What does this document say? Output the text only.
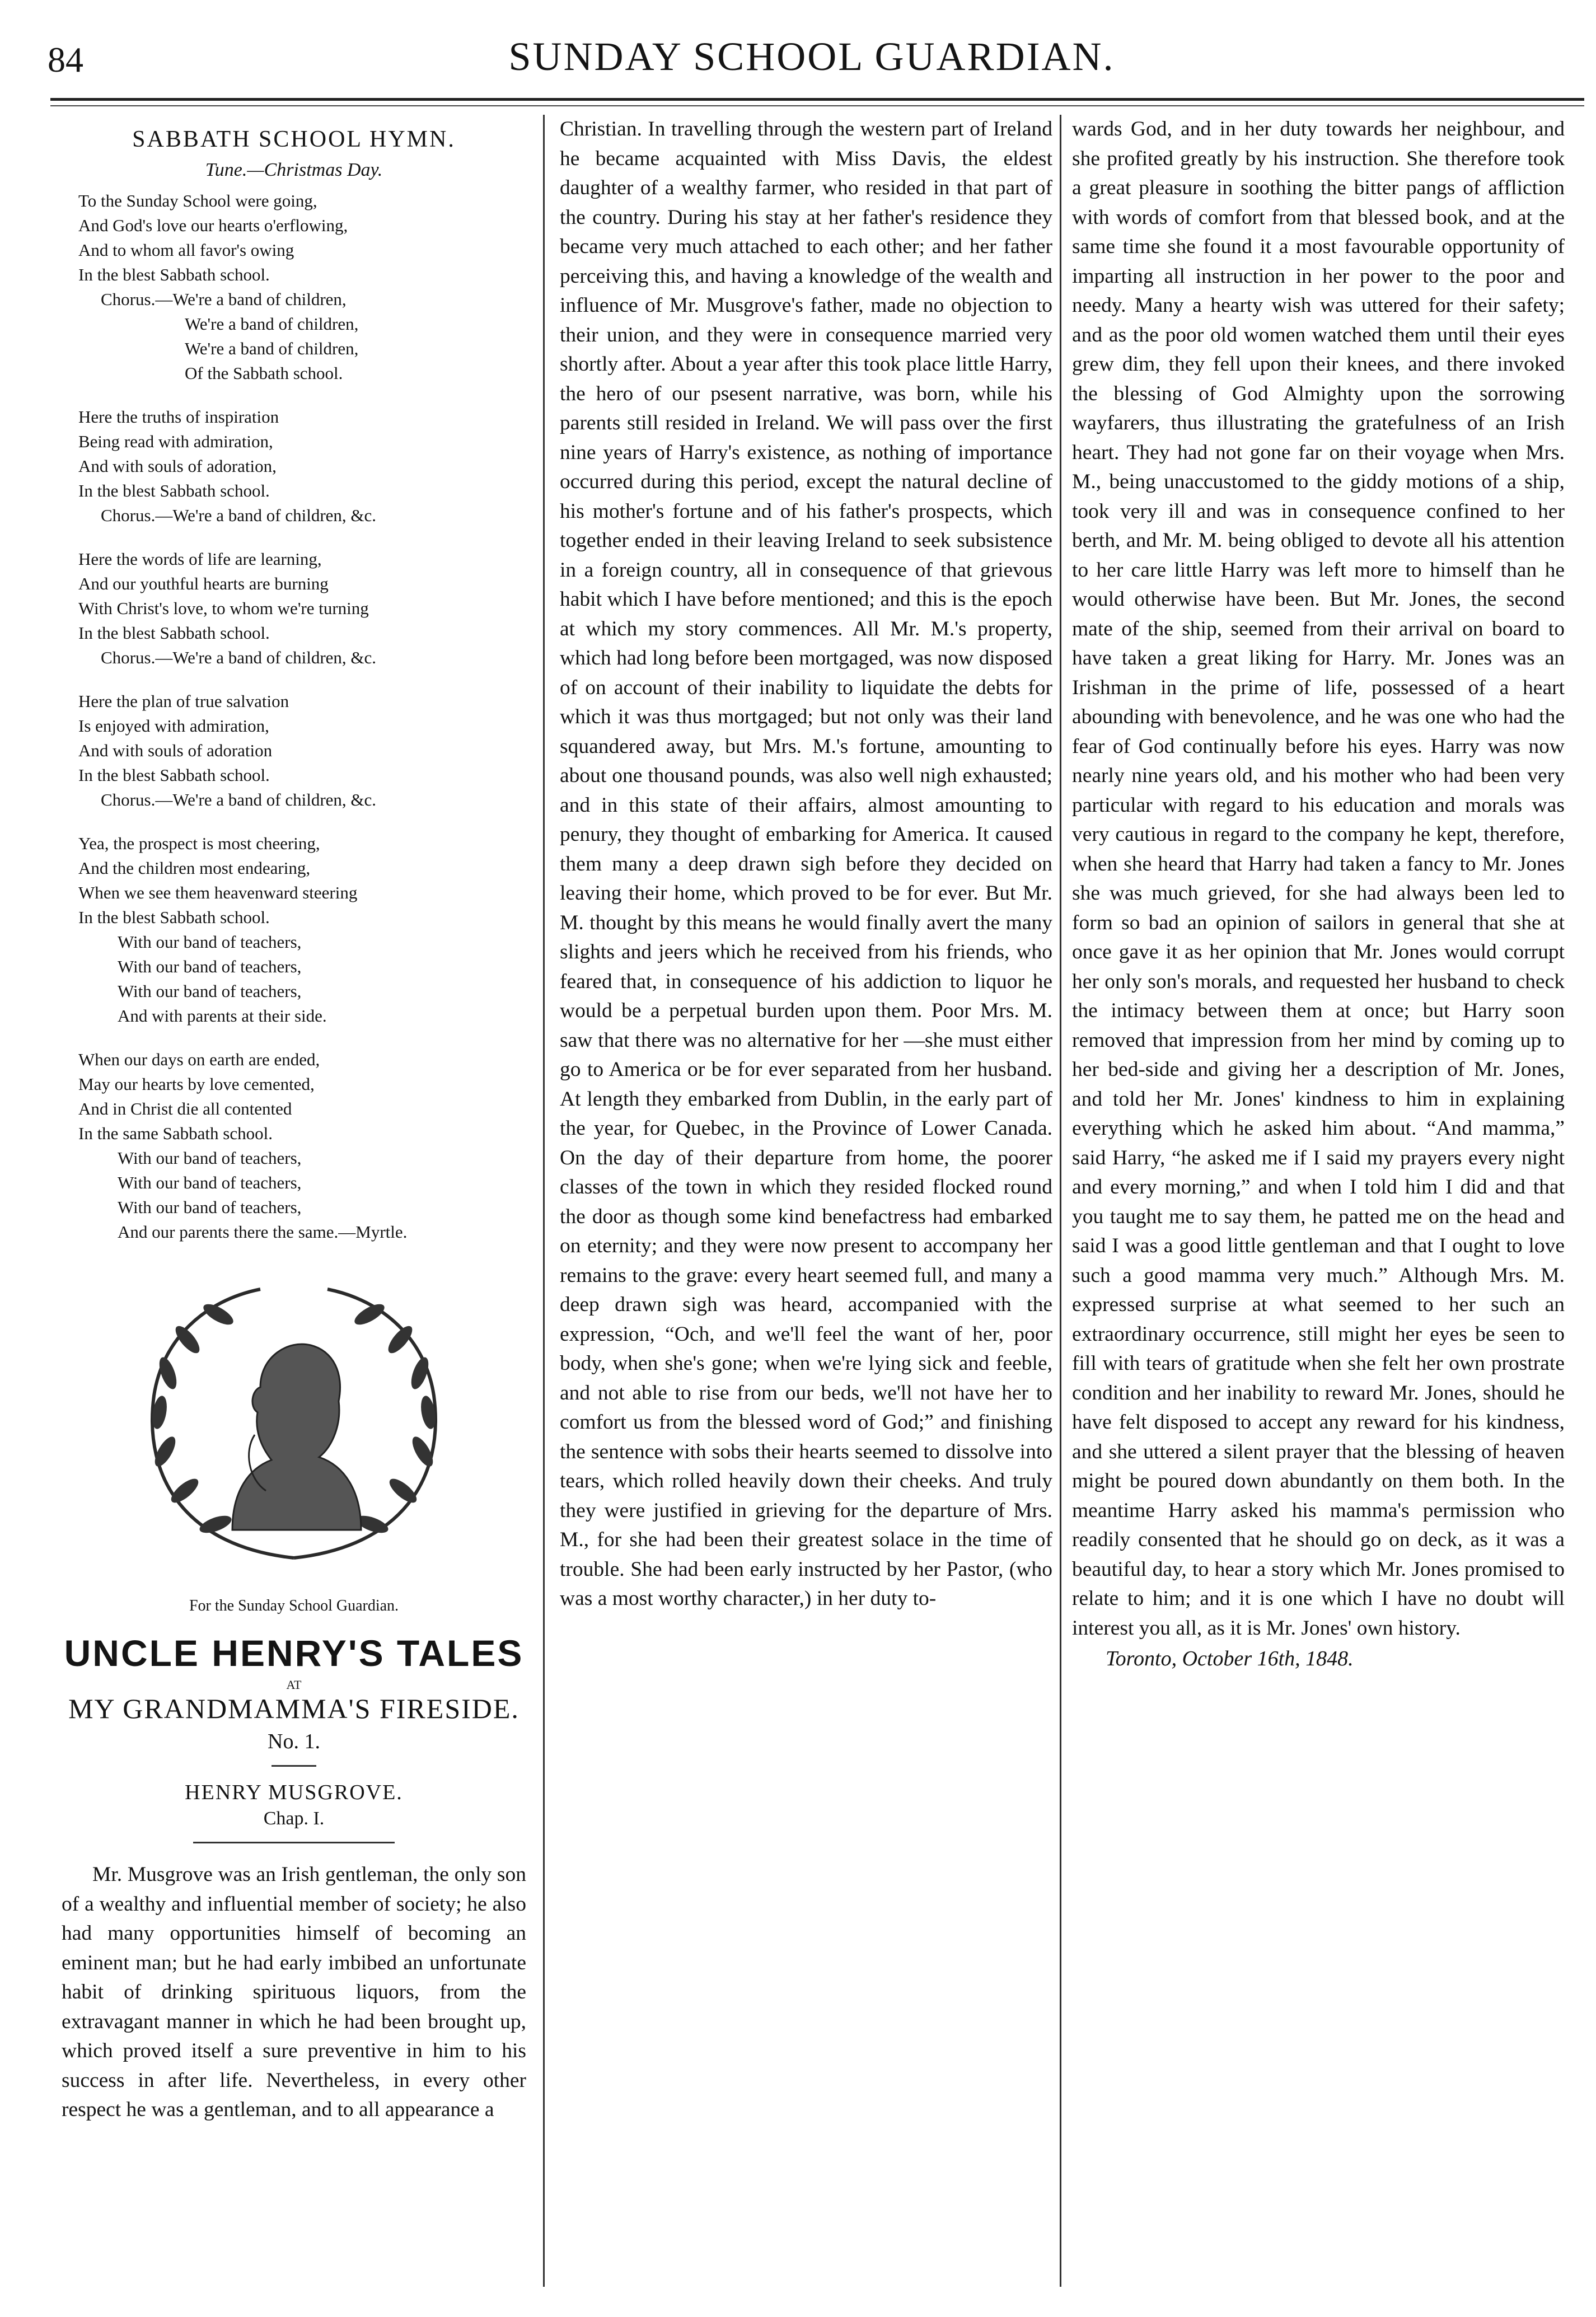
84	SUNDAY SCHOOL GUARDIAN.
SABBATH SCHOOL HYMN.
Tune.—Christmas Day.
To the Sunday School were going,
And God's love our hearts o'erflowing,
And to whom all favor's owing
In the blest Sabbath school.
Chorus.—We're a band of children,
We're a band of children,
We're a band of children,
Of the Sabbath school.
Here the truths of inspiration
Being read with admiration,
And with souls of adoration,
In the blest Sabbath school.
Chorus.—We're a band of children, &c.
Here the words of life are learning,
And our youthful hearts are burning
With Christ's love, to whom we're turning
In the blest Sabbath school.
Chorus.—We're a band of children, &c.
Here the plan of true salvation
Is enjoyed with admiration,
And with souls of adoration
In the blest Sabbath school.
Chorus.—We're a band of children, &c.
Yea, the prospect is most cheering,
And the children most endearing,
When we see them heavenward steering
In the blest Sabbath school.
With our band of teachers,
With our band of teachers,
With our band of teachers,
And with parents at their side.
When our days on earth are ended,
May our hearts by love cemented,
And in Christ die all contented
In the same Sabbath school.
With our band of teachers,
With our band of teachers,
With our band of teachers,
And our parents there the same.—Myrtle.
For the Sunday School Guardian.
UNCLE HENRY'S TALES
AT
MY GRANDMAMMA'S FIRESIDE.
No. 1.
HENRY MUSGROVE.
Chap. I.

Mr. Musgrove was an Irish gentleman, the only son of a wealthy and influential member of society; he also had many opportunities himself of becoming an eminent man; but he had early imbibed an unfortunate habit of drinking spirituous liquors, from the extravagant manner in which he had been brought up, which proved itself a sure preventive in him to his success in after life. Nevertheless, in every other respect he was a gentleman, and to all appearance a

Christian. In travelling through the western part of Ireland he became acquainted with Miss Davis, the eldest daughter of a wealthy farmer, who resided in that part of the country. During his stay at her father's residence they became very much attached to each other; and her father perceiving this, and having a knowledge of the wealth and influence of Mr. Musgrove's father, made no objection to their union, and they were in consequence married very shortly after. About a year after this took place little Harry, the hero of our psesent narrative, was born, while his parents still resided in Ireland. We will pass over the first nine years of Harry's existence, as nothing of importance occurred during this period, except the natural decline of his mother's fortune and of his father's prospects, which together ended in their leaving Ireland to seek subsistence in a foreign country, all in consequence of that grievous habit which I have before mentioned; and this is the epoch at which my story commences. All Mr. M.'s property, which had long before been mortgaged, was now disposed of on account of their inability to liquidate the debts for which it was thus mortgaged; but not only was their land squandered away, but Mrs. M.'s fortune, amounting to about one thousand pounds, was also well nigh exhausted; and in this state of their affairs, almost amounting to penury, they thought of embarking for America. It caused them many a deep drawn sigh before they decided on leaving their home, which proved to be for ever. But Mr. M. thought by this means he would finally avert the many slights and jeers which he received from his friends, who feared that, in consequence of his addiction to liquor he would be a perpetual burden upon them. Poor Mrs. M. saw that there was no alternative for her —she must either go to America or be for ever separated from her husband. At length they embarked from Dublin, in the early part of the year, for Quebec, in the Province of Lower Canada. On the day of their departure from home, the poorer classes of the town in which they resided flocked round the door as though some kind benefactress had embarked on eternity; and they were now present to accompany her remains to the grave: every heart seemed full, and many a deep drawn sigh was heard, accompanied with the expression, “Och, and we'll feel the want of her, poor body, when she's gone; when we're lying sick and feeble, and not able to rise from our beds, we'll not have her to comfort us from the blessed word of God;” and finishing the sentence with sobs their hearts seemed to dissolve into tears, which rolled heavily down their cheeks. And truly they were justified in grieving for the departure of Mrs. M., for she had been their greatest solace in the time of trouble. She had been early instructed by her Pastor, (who was a most worthy character,) in her duty to-

wards God, and in her duty towards her neighbour, and she profited greatly by his instruction. She therefore took a great pleasure in soothing the bitter pangs of affliction with words of comfort from that blessed book, and at the same time she found it a most favourable opportunity of imparting all instruction in her power to the poor and needy. Many a hearty wish was uttered for their safety; and as the poor old women watched them until their eyes grew dim, they fell upon their knees, and there invoked the blessing of God Almighty upon the sorrowing wayfarers, thus illustrating the gratefulness of an Irish heart. They had not gone far on their voyage when Mrs. M., being unaccustomed to the giddy motions of a ship, took very ill and was in consequence confined to her berth, and Mr. M. being obliged to devote all his attention to her care little Harry was left more to himself than he would otherwise have been. But Mr. Jones, the second mate of the ship, seemed from their arrival on board to have taken a great liking for Harry. Mr. Jones was an Irishman in the prime of life, possessed of a heart abounding with benevolence, and he was one who had the fear of God continually before his eyes. Harry was now nearly nine years old, and his mother who had been very particular with regard to his education and morals was very cautious in regard to the company he kept, therefore, when she heard that Harry had taken a fancy to Mr. Jones she was much grieved, for she had always been led to form so bad an opinion of sailors in general that she at once gave it as her opinion that Mr. Jones would corrupt her only son's morals, and requested her husband to check the intimacy between them at once; but Harry soon removed that impression from her mind by coming up to her bed-side and giving her a description of Mr. Jones, and told her Mr. Jones' kindness to him in explaining everything which he asked him about. “And mamma,” said Harry, “he asked me if I said my prayers every night and every morning,” and when I told him I did and that you taught me to say them, he patted me on the head and said I was a good little gentleman and that I ought to love such a good mamma very much.” Although Mrs. M. expressed surprise at what seemed to her such an extraordinary occurrence, still might her eyes be seen to fill with tears of gratitude when she felt her own prostrate condition and her inability to reward Mr. Jones, should he have felt disposed to accept any reward for his kindness, and she uttered a silent prayer that the blessing of heaven might be poured down abundantly on them both. In the meantime Harry asked his mamma's permission who readily consented that he should go on deck, as it was a beautiful day, to hear a story which Mr. Jones promised to relate to him; and it is one which I have no doubt will interest you all, as it is Mr. Jones' own history.

Toronto, October 16th, 1848.
